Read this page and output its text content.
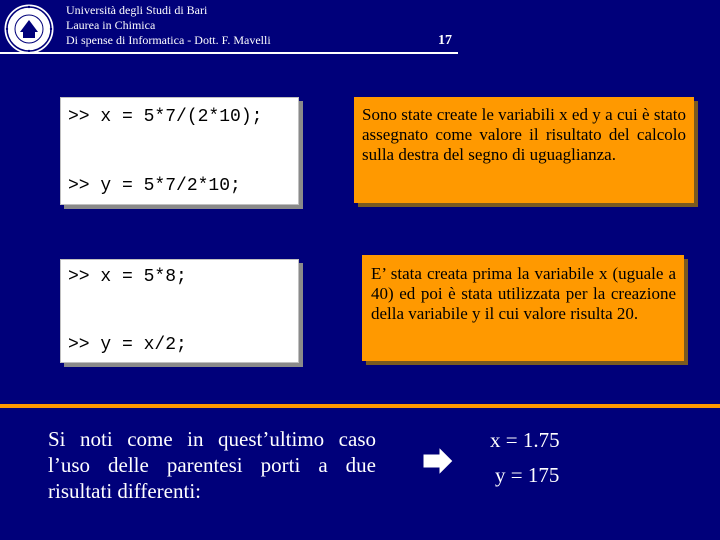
Università degli Studi di Bari
Laurea in Chimica
Di spense di Informatica - Dott. F. Mavelli	17
>> x = 5*7/(2*10);
>> y = 5*7/2*10;
Sono state create le variabili x ed y a cui è stato assegnato come valore il risultato del calcolo sulla destra del segno di uguaglianza.
>> x = 5*8;
>> y = x/2;
E’ stata creata prima la variabile x (uguale a 40) ed poi è stata utilizzata per la creazione della variabile y il cui valore risulta 20.
Si noti come in quest’ultimo caso l’uso delle parentesi porti a due risultati differenti:
x = 1.75
y = 175
